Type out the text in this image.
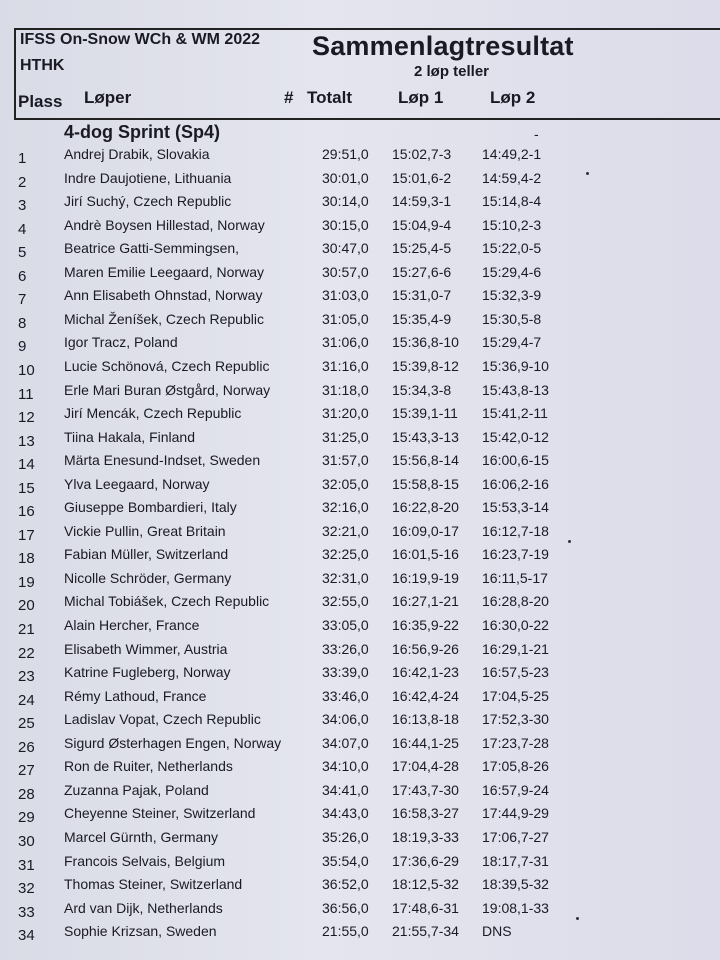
IFSS On-Snow WCh & WM 2022
HTHK
Sammenlagtresultat
2 løp teller
Plass Løper	# Totalt	Løp 1	Løp 2
4-dog Sprint (Sp4)	-
1	Andrej Drabik, Slovakia	29:51,0 15:02,7-3 14:49,2-1
2	Indre Daujotiene, Lithuania	30:01,0 15:01,6-2 14:59,4-2
3	Jirí Suchý, Czech Republic	30:14,0 14:59,3-1 15:14,8-4
4	Andrè Boysen Hillestad, Norway	30:15,0 15:04,9-4 15:10,2-3
5	Beatrice Gatti-Semmingsen,	30:47,0 15:25,4-5 15:22,0-5
6	Maren Emilie Leegaard, Norway	30:57,0 15:27,6-6 15:29,4-6
7	Ann Elisabeth Ohnstad, Norway	31:03,0 15:31,0-7 15:32,3-9
8	Michal Ženíšek, Czech Republic	31:05,0 15:35,4-9 15:30,5-8
9	Igor Tracz, Poland	31:06,0 15:36,8-10 15:29,4-7
10 Lucie Schönová, Czech Republic	31:16,0 15:39,8-12 15:36,9-10
11 Erle Mari Buran Østgård, Norway	31:18,0 15:34,3-8 15:43,8-13
12 Jirí Mencák, Czech Republic	31:20,0 15:39,1-11 15:41,2-11
13 Tiina Hakala, Finland	31:25,0 15:43,3-13 15:42,0-12
14 Märta Enesund-Indset, Sweden	31:57,0 15:56,8-14 16:00,6-15
15 Ylva Leegaard, Norway	32:05,0 15:58,8-15 16:06,2-16
16 Giuseppe Bombardieri, Italy	32:16,0 16:22,8-20 15:53,3-14
17 Vickie Pullin, Great Britain	32:21,0 16:09,0-17 16:12,7-18
18 Fabian Müller, Switzerland	32:25,0 16:01,5-16 16:23,7-19
19 Nicolle Schröder, Germany	32:31,0 16:19,9-19 16:11,5-17
20 Michal Tobiášek, Czech Republic	32:55,0 16:27,1-21 16:28,8-20
21 Alain Hercher, France	33:05,0 16:35,9-22 16:30,0-22
22 Elisabeth Wimmer, Austria	33:26,0 16:56,9-26 16:29,1-21
23 Katrine Fugleberg, Norway	33:39,0 16:42,1-23 16:57,5-23
24 Rémy Lathoud, France	33:46,0 16:42,4-24 17:04,5-25
25 Ladislav Vopat, Czech Republic	34:06,0 16:13,8-18 17:52,3-30
26 Sigurd Østerhagen Engen, Norway	34:07,0 16:44,1-25 17:23,7-28
27 Ron de Ruiter, Netherlands	34:10,0 17:04,4-28 17:05,8-26
28 Zuzanna Pajak, Poland	34:41,0 17:43,7-30 16:57,9-24
29 Cheyenne Steiner, Switzerland	34:43,0 16:58,3-27 17:44,9-29
30 Marcel Gürnth, Germany	35:26,0 18:19,3-33 17:06,7-27
31 Francois Selvais, Belgium	35:54,0 17:36,6-29 18:17,7-31
32 Thomas Steiner, Switzerland	36:52,0 18:12,5-32 18:39,5-32
33 Ard van Dijk, Netherlands	36:56,0 17:48,6-31 19:08,1-33
34 Sophie Krizsan, Sweden	21:55,0 21:55,7-34 DNS
